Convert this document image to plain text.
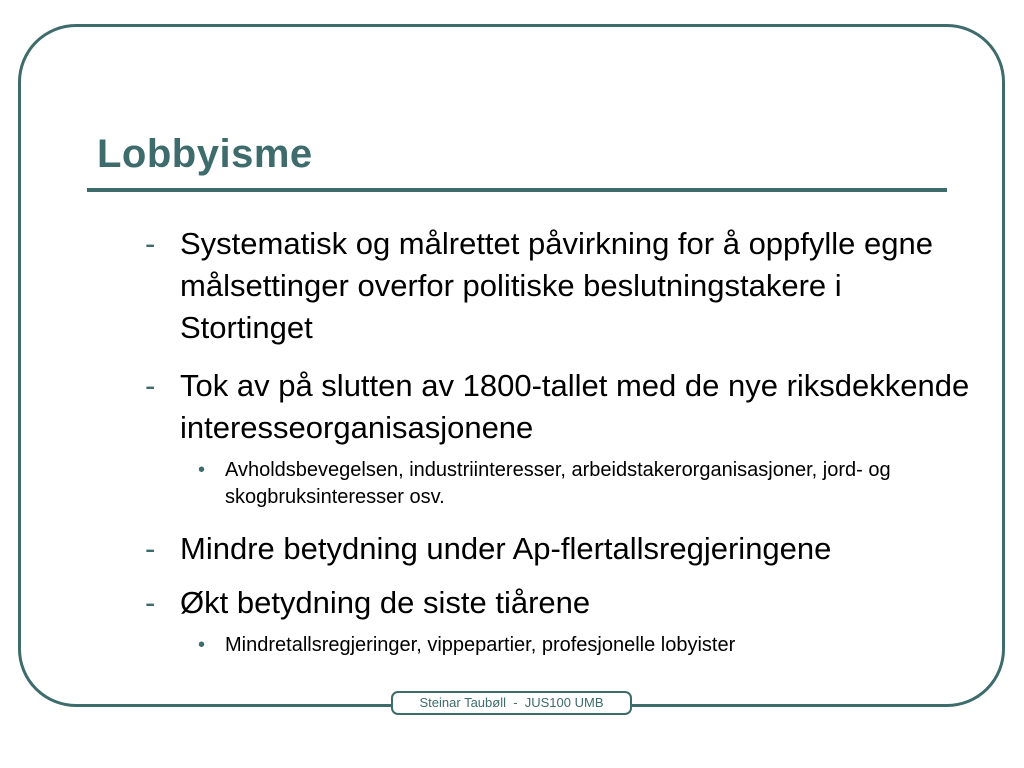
Lobbyisme
- Systematisk og målrettet påvirkning for å oppfylle egne målsettinger overfor politiske beslutningstakere i Stortinget
- Tok av på slutten av 1800-tallet med de nye riksdekkende interesseorganisasjonene
• Avholdsbevegelsen, industriinteresser, arbeidstakerorganisasjoner, jord- og skogbruksinteresser osv.
- Mindre betydning under Ap-flertallsregjeringene
- Økt betydning de siste tiårene
• Mindretallsregjeringer, vippepartier, profesjonelle lobyister
Steinar Taubøll  -  JUS100 UMB
